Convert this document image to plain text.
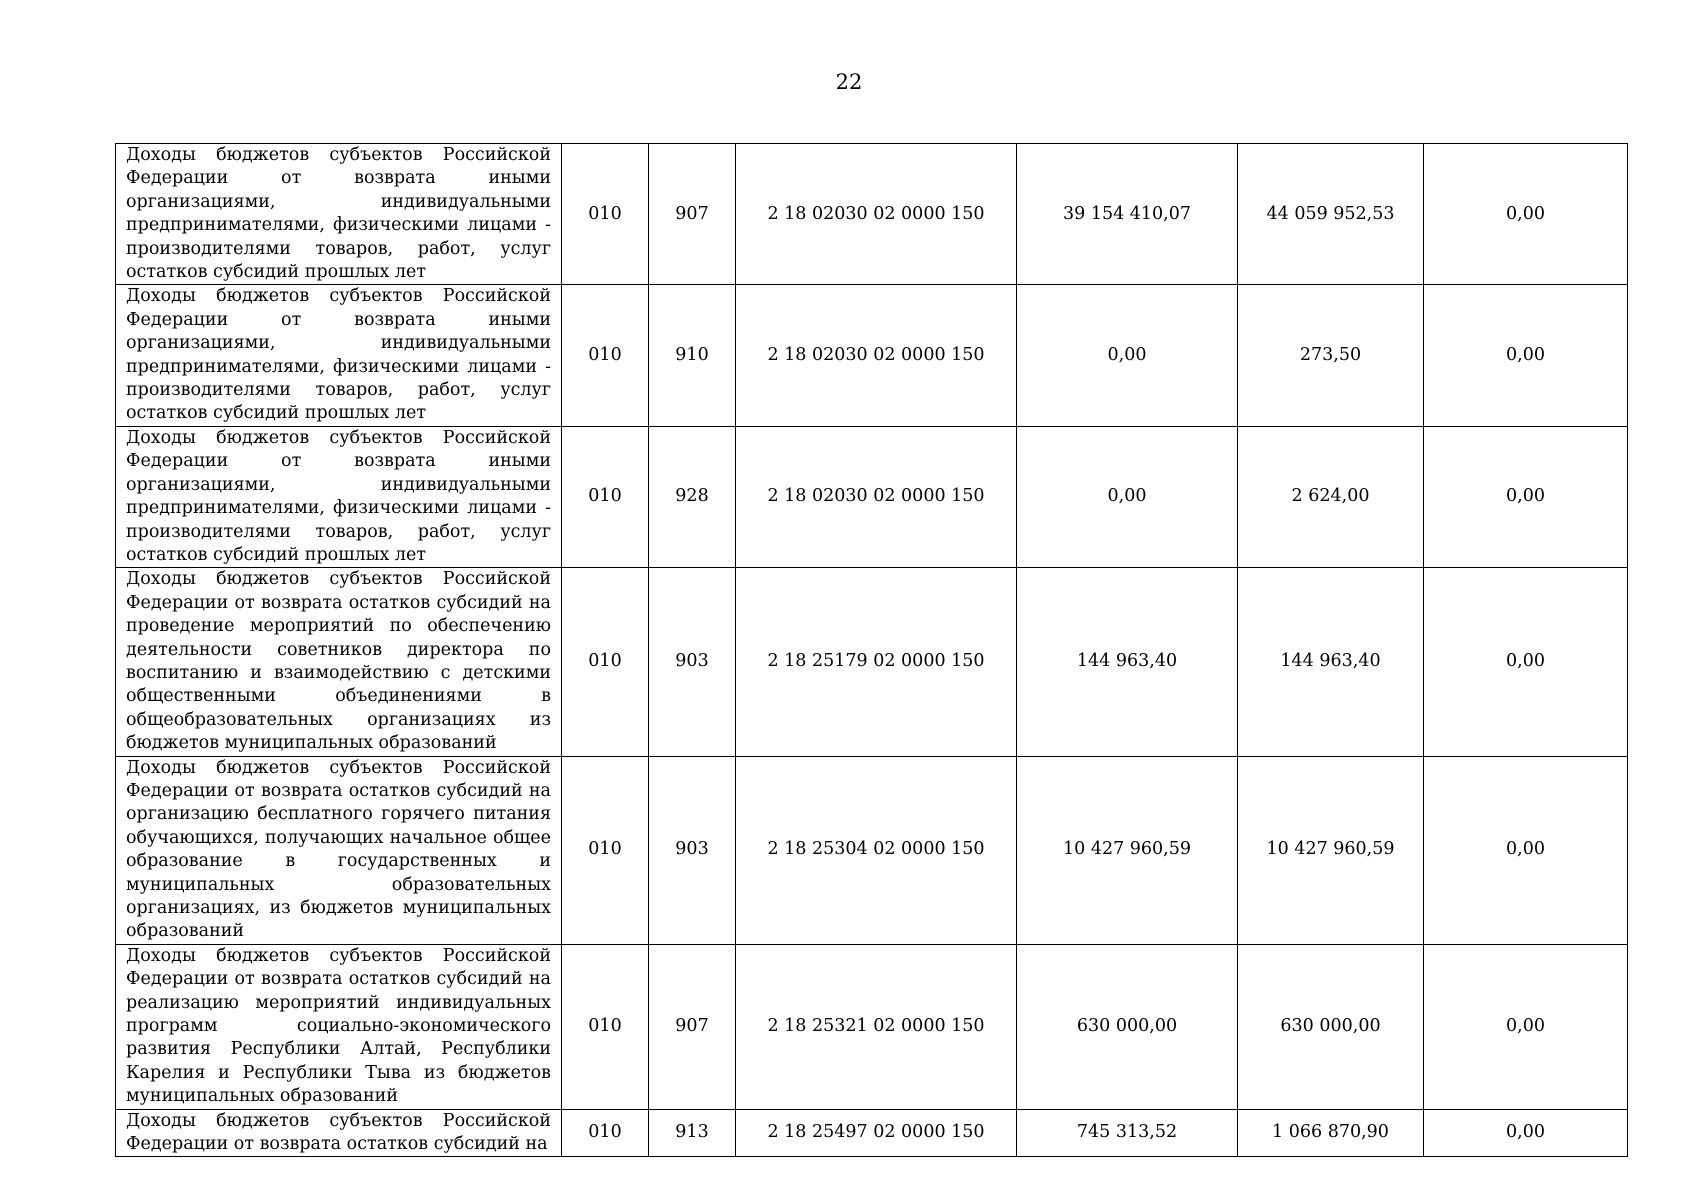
22
Доходы бюджетов субъектов Российской Федерации от возврата иными организациями, индивидуальными предпринимателями, физическими лицами - производителями товаров, работ, услуг остатков субсидий прошлых лет	010	907	2 18 02030 02 0000 150	39 154 410,07	44 059 952,53	0,00
Доходы бюджетов субъектов Российской Федерации от возврата иными организациями, индивидуальными предпринимателями, физическими лицами - производителями товаров, работ, услуг остатков субсидий прошлых лет	010	910	2 18 02030 02 0000 150	0,00	273,50	0,00
Доходы бюджетов субъектов Российской Федерации от возврата иными организациями, индивидуальными предпринимателями, физическими лицами - производителями товаров, работ, услуг остатков субсидий прошлых лет	010	928	2 18 02030 02 0000 150	0,00	2 624,00	0,00
Доходы бюджетов субъектов Российской Федерации от возврата остатков субсидий на проведение мероприятий по обеспечению деятельности советников директора по воспитанию и взаимодействию с детскими общественными объединениями в общеобразовательных организациях из бюджетов муниципальных образований	010	903	2 18 25179 02 0000 150	144 963,40	144 963,40	0,00
Доходы бюджетов субъектов Российской Федерации от возврата остатков субсидий на организацию бесплатного горячего питания обучающихся, получающих начальное общее образование в государственных и муниципальных образовательных организациях, из бюджетов муниципальных образований	010	903	2 18 25304 02 0000 150	10 427 960,59	10 427 960,59	0,00
Доходы бюджетов субъектов Российской Федерации от возврата остатков субсидий на реализацию мероприятий индивидуальных программ социально-экономического развития Республики Алтай, Республики Карелия и Республики Тыва из бюджетов муниципальных образований	010	907	2 18 25321 02 0000 150	630 000,00	630 000,00	0,00
Доходы бюджетов субъектов Российской Федерации от возврата остатков субсидий на	010	913	2 18 25497 02 0000 150	745 313,52	1 066 870,90	0,00
